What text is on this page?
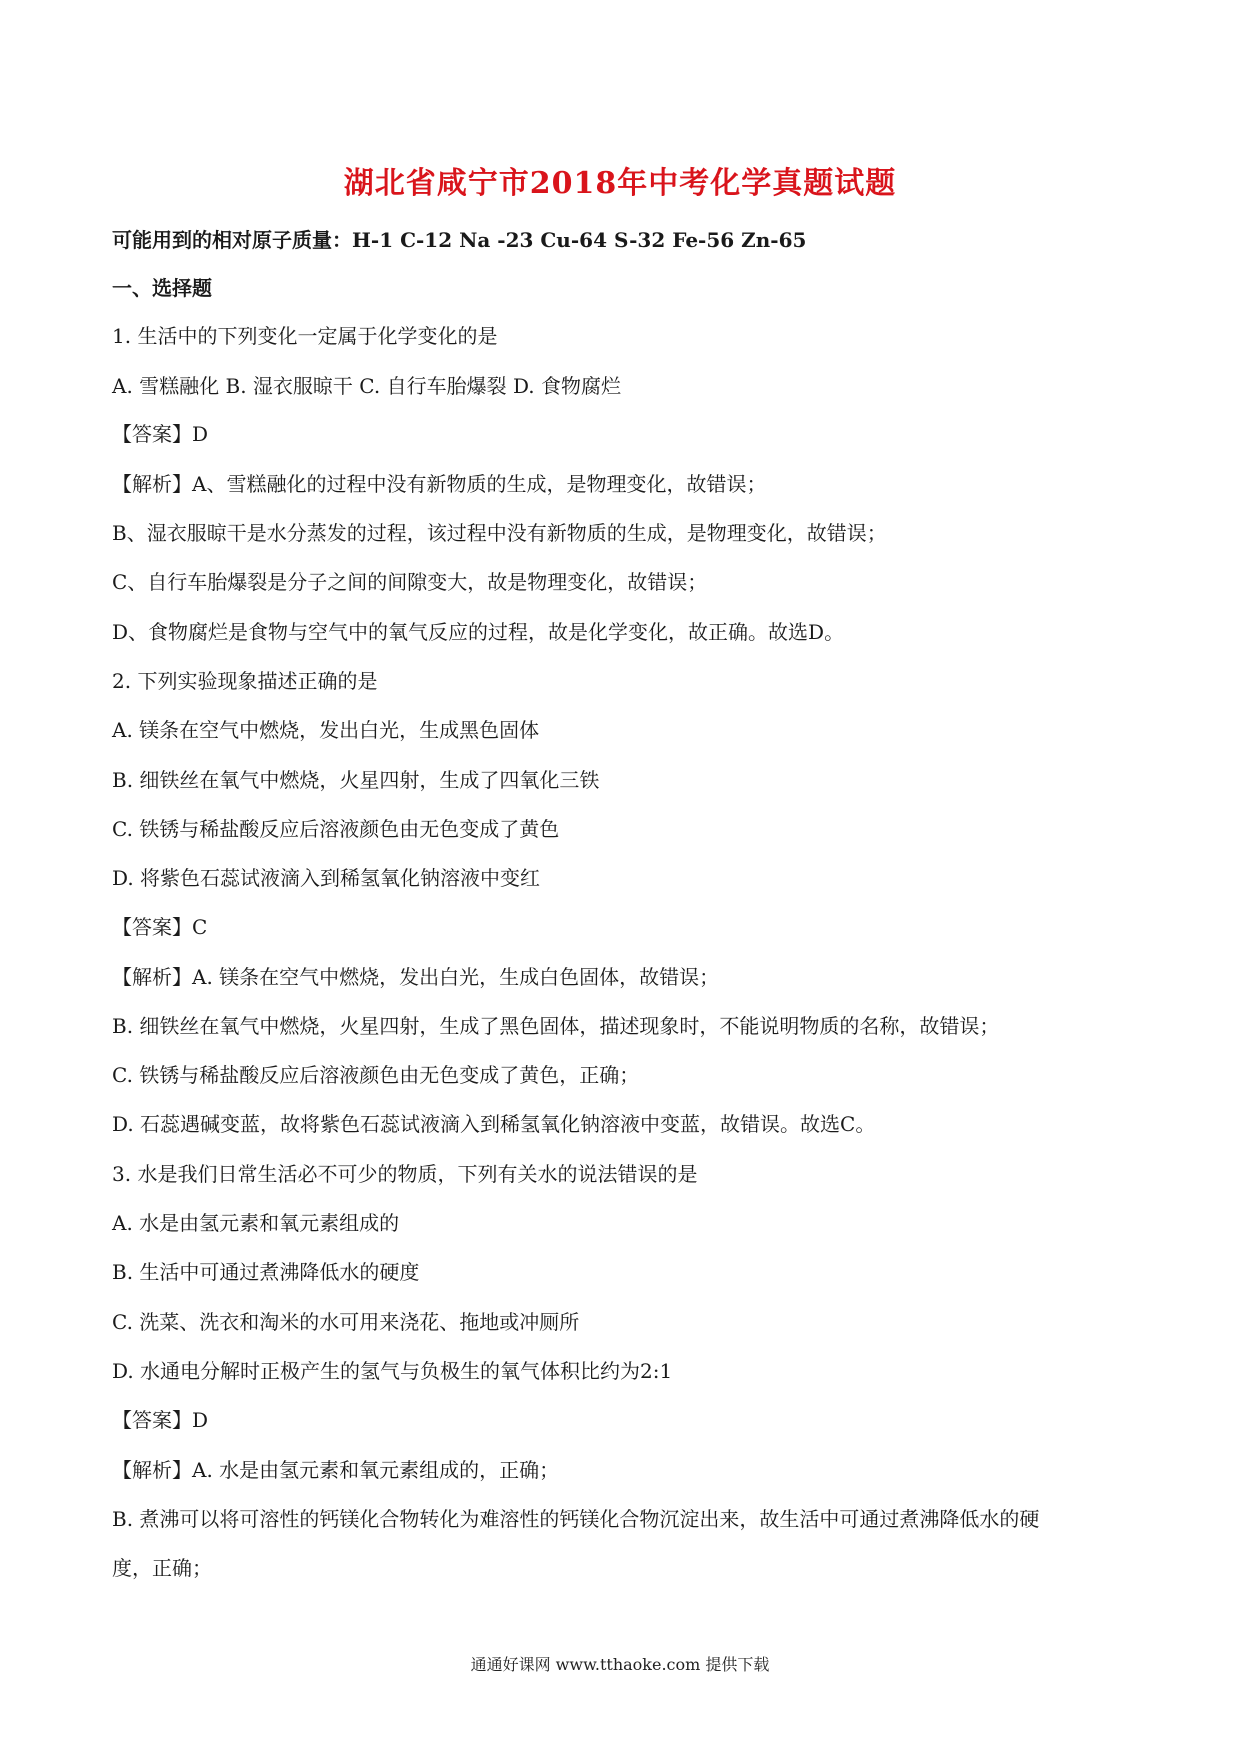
湖北省咸宁市2018年中考化学真题试题
可能用到的相对原子质量：H-1 C-12 Na -23 Cu-64 S-32 Fe-56 Zn-65
一、选择题
1. 生活中的下列变化一定属于化学变化的是
A. 雪糕融化 B. 湿衣服晾干 C. 自行车胎爆裂 D. 食物腐烂
【答案】D
【解析】A、雪糕融化的过程中没有新物质的生成，是物理变化，故错误；
B、湿衣服晾干是水分蒸发的过程，该过程中没有新物质的生成，是物理变化，故错误；
C、自行车胎爆裂是分子之间的间隙变大，故是物理变化，故错误；
D、食物腐烂是食物与空气中的氧气反应的过程，故是化学变化，故正确。故选D。
2. 下列实验现象描述正确的是
A. 镁条在空气中燃烧，发出白光，生成黑色固体
B. 细铁丝在氧气中燃烧，火星四射，生成了四氧化三铁
C. 铁锈与稀盐酸反应后溶液颜色由无色变成了黄色
D. 将紫色石蕊试液滴入到稀氢氧化钠溶液中变红
【答案】C
【解析】A. 镁条在空气中燃烧，发出白光，生成白色固体，故错误；
B. 细铁丝在氧气中燃烧，火星四射，生成了黑色固体，描述现象时，不能说明物质的名称，故错误；
C. 铁锈与稀盐酸反应后溶液颜色由无色变成了黄色，正确；
D. 石蕊遇碱变蓝，故将紫色石蕊试液滴入到稀氢氧化钠溶液中变蓝，故错误。故选C。
3. 水是我们日常生活必不可少的物质，下列有关水的说法错误的是
A. 水是由氢元素和氧元素组成的
B. 生活中可通过煮沸降低水的硬度
C. 洗菜、洗衣和淘米的水可用来浇花、拖地或冲厕所
D. 水通电分解时正极产生的氢气与负极生的氧气体积比约为2:1
【答案】D
【解析】A. 水是由氢元素和氧元素组成的，正确；
B. 煮沸可以将可溶性的钙镁化合物转化为难溶性的钙镁化合物沉淀出来，故生活中可通过煮沸降低水的硬
度，正确；
通通好课网 www.tthaoke.com 提供下载
